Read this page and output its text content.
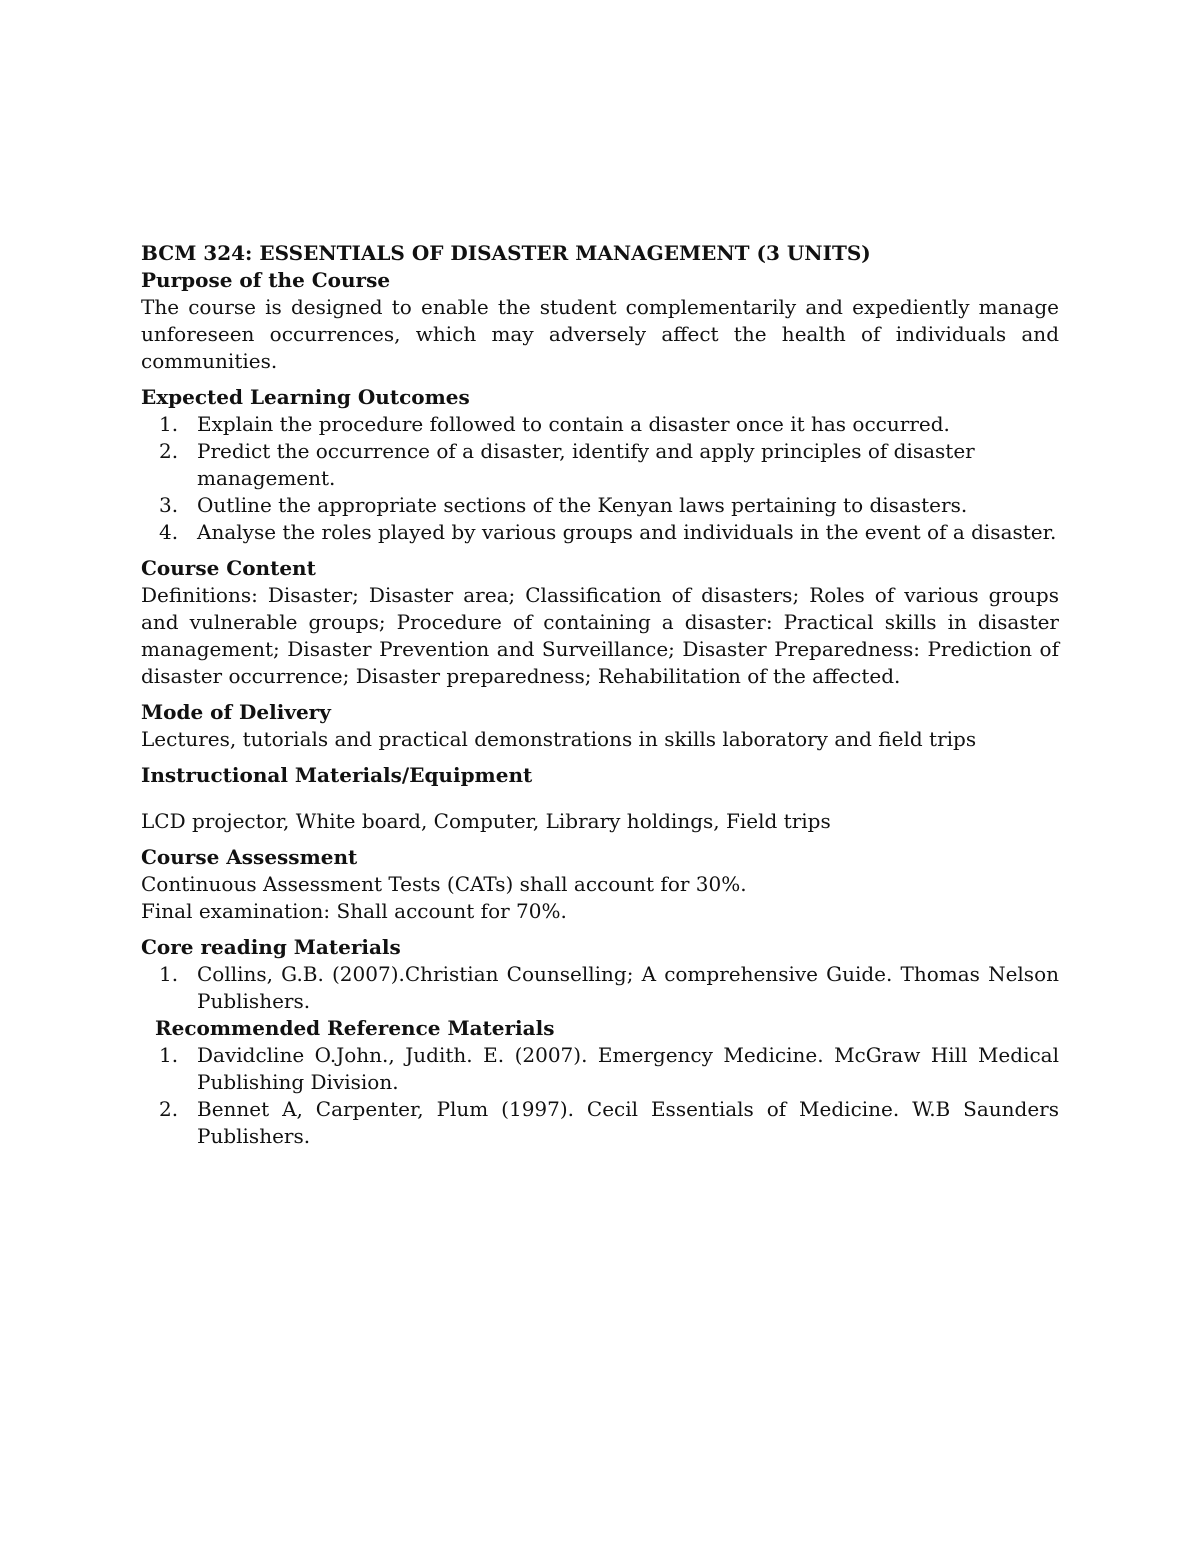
BCM 324: ESSENTIALS OF DISASTER MANAGEMENT (3 UNITS)

Purpose of the Course

The course is designed to enable the student complementarily and expediently manage unforeseen occurrences, which may adversely affect the health of individuals and communities.

Expected Learning Outcomes

1. Explain the procedure followed to contain a disaster once it has occurred.
2. Predict the occurrence of a disaster, identify and apply principles of disaster management.
3. Outline the appropriate sections of the Kenyan laws pertaining to disasters.
4. Analyse the roles played by various groups and individuals in the event of a disaster.

Course Content

Definitions: Disaster; Disaster area; Classification of disasters; Roles of various groups and vulnerable groups; Procedure of containing a disaster: Practical skills in disaster management; Disaster Prevention and Surveillance; Disaster Preparedness: Prediction of disaster occurrence; Disaster preparedness; Rehabilitation of the affected.

Mode of Delivery

Lectures, tutorials and practical demonstrations in skills laboratory and field trips

Instructional Materials/Equipment

LCD projector, White board, Computer, Library holdings, Field trips

Course Assessment

Continuous Assessment Tests (CATs) shall account for 30%.

Final examination: Shall account for 70%.

Core reading Materials

1. Collins, G.B. (2007).Christian Counselling; A comprehensive Guide. Thomas Nelson Publishers.

Recommended Reference Materials

1. Davidcline O.John., Judith. E. (2007). Emergency Medicine. McGraw Hill Medical Publishing Division.
2. Bennet A, Carpenter, Plum (1997). Cecil Essentials of Medicine. W.B Saunders Publishers.
